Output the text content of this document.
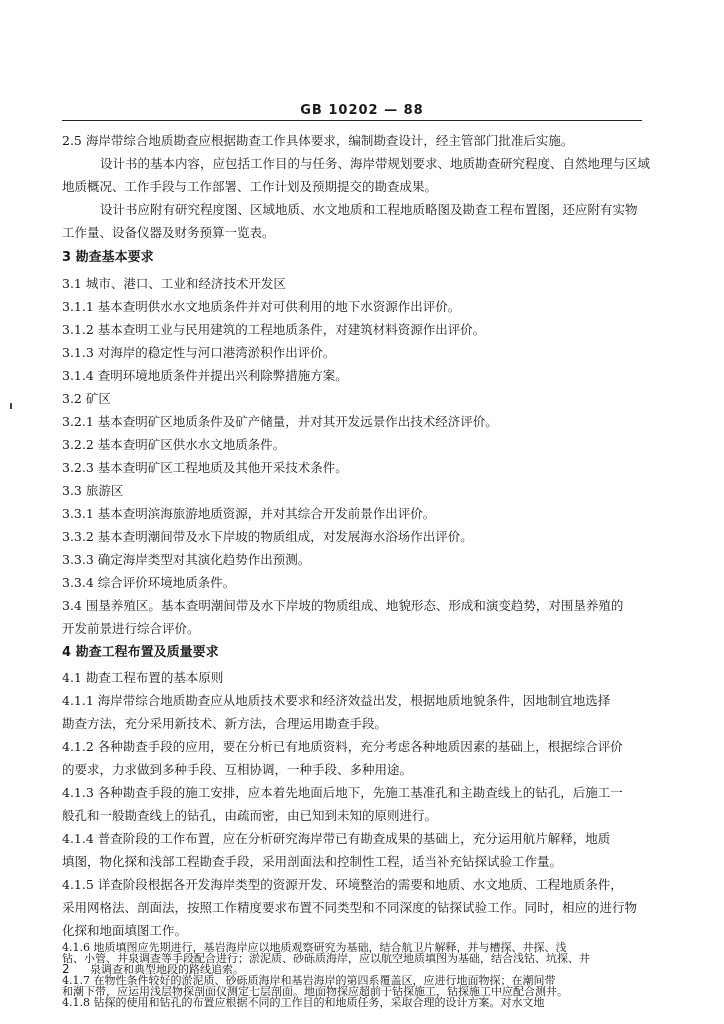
GB 10202 — 88
2.5 海岸带综合地质勘查应根据勘查工作具体要求，编制勘查设计，经主管部门批准后实施。
设计书的基本内容，应包括工作目的与任务、海岸带规划要求、地质勘查研究程度、自然地理与区域
地质概况、工作手段与工作部署、工作计划及预期提交的勘查成果。
设计书应附有研究程度图、区域地质、水文地质和工程地质略图及勘查工程布置图，还应附有实物
工作量、设备仪器及财务预算一览表。
3 勘查基本要求
3.1 城市、港口、工业和经济技术开发区
3.1.1 基本查明供水水文地质条件并对可供利用的地下水资源作出评价。
3.1.2 基本查明工业与民用建筑的工程地质条件，对建筑材料资源作出评价。
3.1.3 对海岸的稳定性与河口港湾淤积作出评价。
3.1.4 查明环境地质条件并提出兴利除弊措施方案。
3.2 矿区
3.2.1 基本查明矿区地质条件及矿产储量，并对其开发远景作出技术经济评价。
3.2.2 基本查明矿区供水水文地质条件。
3.2.3 基本查明矿区工程地质及其他开采技术条件。
3.3 旅游区
3.3.1 基本查明滨海旅游地质资源，并对其综合开发前景作出评价。
3.3.2 基本查明潮间带及水下岸坡的物质组成，对发展海水浴场作出评价。
3.3.3 确定海岸类型对其演化趋势作出预测。
3.3.4 综合评价环境地质条件。
3.4 围垦养殖区。基本查明潮间带及水下岸坡的物质组成、地貌形态、形成和演变趋势，对围垦养殖的
开发前景进行综合评价。
4 勘查工程布置及质量要求
4.1 勘查工程布置的基本原则
4.1.1 海岸带综合地质勘查应从地质技术要求和经济效益出发，根据地质地貌条件，因地制宜地选择
勘查方法，充分采用新技术、新方法，合理运用勘查手段。
4.1.2 各种勘查手段的应用，要在分析已有地质资料，充分考虑各种地质因素的基础上，根据综合评价
的要求，力求做到多种手段、互相协调，一种手段、多种用途。
4.1.3 各种勘查手段的施工安排，应本着先地面后地下，先施工基准孔和主勘查线上的钻孔，后施工一
般孔和一般勘查线上的钻孔，由疏而密，由已知到未知的原则进行。
4.1.4 普查阶段的工作布置，应在分析研究海岸带已有勘查成果的基础上，充分运用航片解释，地质
填图，物化探和浅部工程勘查手段，采用剖面法和控制性工程，适当补充钻探试验工作量。
4.1.5 详查阶段根据各开发海岸类型的资源开发、环境整治的需要和地质、水文地质、工程地质条件，
采用网格法、剖面法，按照工作精度要求布置不同类型和不同深度的钻探试验工作。同时，相应的进行物
化探和地面填图工作。
4.1.6 地质填图应先期进行，基岩海岸应以地质观察研究为基础，结合航卫片解释，并与槽探、井探、浅
钻、小管、井泉调查等手段配合进行；淤泥质、砂砾质海岸，应以航空地质填图为基础，结合浅钻、坑探、井
泉调查和典型地段的路线追索。
4.1.7 在物性条件较好的淤泥质、砂砾质海岸和基岩海岸的第四系覆盖区，应进行地面物探；在潮间带
和潮下带，应运用浅层物探剖面仪测定七层剖面。地面物探应超前于钻探施工，钻探施工中应配合测井。
4.1.8 钻探的使用和钻孔的布置应根据不同的工作目的和地质任务，采取合理的设计方案。对水文地
2
